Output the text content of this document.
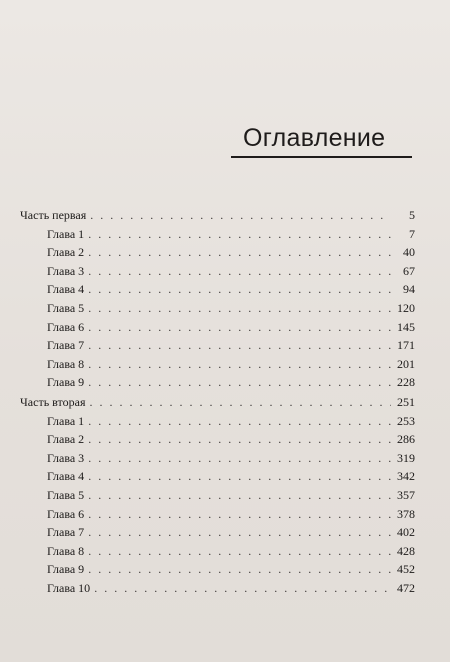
Оглавление
Часть первая . . .	5
Глава 1 . . .	7
Глава 2 . . .	40
Глава 3 . . .	67
Глава 4 . . .	94
Глава 5 . . .	120
Глава 6 . . .	145
Глава 7 . . .	171
Глава 8 . . .	201
Глава 9 . . .	228
Часть вторая . . .	251
Глава 1 . . .	253
Глава 2 . . .	286
Глава 3 . . .	319
Глава 4 . . .	342
Глава 5 . . .	357
Глава 6 . . .	378
Глава 7 . . .	402
Глава 8 . . .	428
Глава 9 . . .	452
Глава 10 . . .	472
